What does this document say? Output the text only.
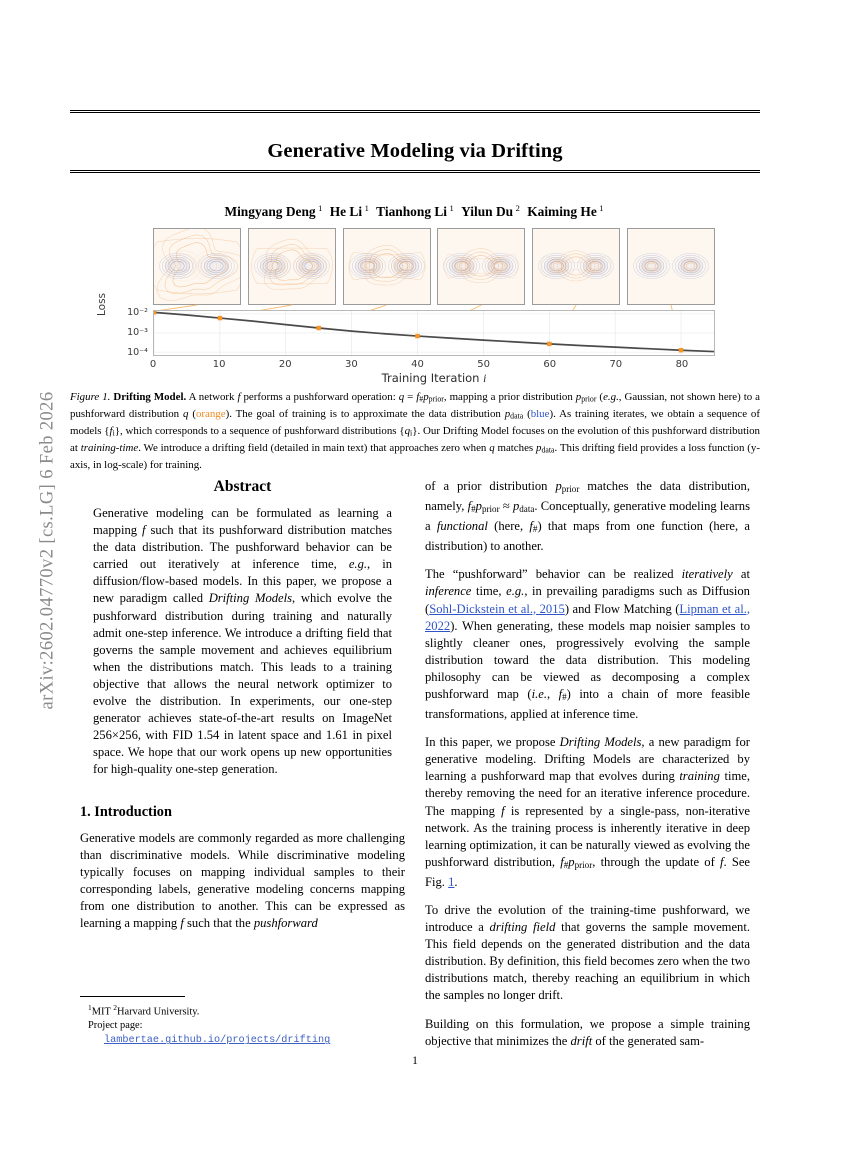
arXiv:2602.04770v2 [cs.LG] 6 Feb 2026
Generative Modeling via Drifting
Mingyang Deng $^1$ He Li $^1$ Tianhong Li $^1$ Yilun Du $^2$ Kaiming He $^1$
Loss
Training Iteration i
10⁻²
10⁻³
10⁻⁴
0	10	20	30	40	50	60	70	80
Figure 1. Drifting Model. A network f performs a pushforward operation: $q = f_{\#}p_{prior}$, mapping a prior distribution $p_{prior}$ (e.g., Gaussian, not shown here) to a pushforward distribution q (orange). The goal of training is to approximate the data distribution $p_{data}$ (blue). As training iterates, we obtain a sequence of models $\{f_i\}$, which corresponds to a sequence of pushforward distributions $\{q_i\}$. Our Drifting Model focuses on the evolution of this pushforward distribution at training-time. We introduce a drifting field (detailed in main text) that approaches zero when q matches $p_{data}$. This drifting field provides a loss function (y-axis, in log-scale) for training.
Abstract
Generative modeling can be formulated as learning a mapping f such that its pushforward distribution matches the data distribution. The pushforward behavior can be carried out iteratively at inference time, e.g., in diffusion/flow-based models. In this paper, we propose a new paradigm called Drifting Models, which evolve the pushforward distribution during training and naturally admit one-step inference. We introduce a drifting field that governs the sample movement and achieves equilibrium when the distributions match. This leads to a training objective that allows the neural network optimizer to evolve the distribution. In experiments, our one-step generator achieves state-of-the-art results on ImageNet 256×256, with FID 1.54 in latent space and 1.61 in pixel space. We hope that our work opens up new opportunities for high-quality one-step generation.
1. Introduction

Generative models are commonly regarded as more challenging than discriminative models. While discriminative modeling typically focuses on mapping individual samples to their corresponding labels, generative modeling concerns mapping from one distribution to another. This can be expressed as learning a mapping f such that the pushforward

$^1$MIT $^2$Harvard University.
Project page:
lambertae.github.io/projects/drifting

of a prior distribution $p_{prior}$ matches the data distribution, namely, $f_{\#}p_{prior} \approx p_{data}$. Conceptually, generative modeling learns a functional (here, $f_{\#}$) that maps from one function (here, a distribution) to another.

The “pushforward” behavior can be realized iteratively at inference time, e.g., in prevailing paradigms such as Diffusion (Sohl-Dickstein et al., 2015) and Flow Matching (Lipman et al., 2022). When generating, these models map noisier samples to slightly cleaner ones, progressively evolving the sample distribution toward the data distribution. This modeling philosophy can be viewed as decomposing a complex pushforward map (i.e., $f_{\#}$) into a chain of more feasible transformations, applied at inference time.

In this paper, we propose Drifting Models, a new paradigm for generative modeling. Drifting Models are characterized by learning a pushforward map that evolves during training time, thereby removing the need for an iterative inference procedure. The mapping f is represented by a single-pass, non-iterative network. As the training process is inherently iterative in deep learning optimization, it can be naturally viewed as evolving the pushforward distribution, $f_{\#}p_{prior}$, through the update of f. See Fig. 1.

To drive the evolution of the training-time pushforward, we introduce a drifting field that governs the sample movement. This field depends on the generated distribution and the data distribution. By definition, this field becomes zero when the two distributions match, thereby reaching an equilibrium in which the samples no longer drift.

Building on this formulation, we propose a simple training objective that minimizes the drift of the generated sam-

1
